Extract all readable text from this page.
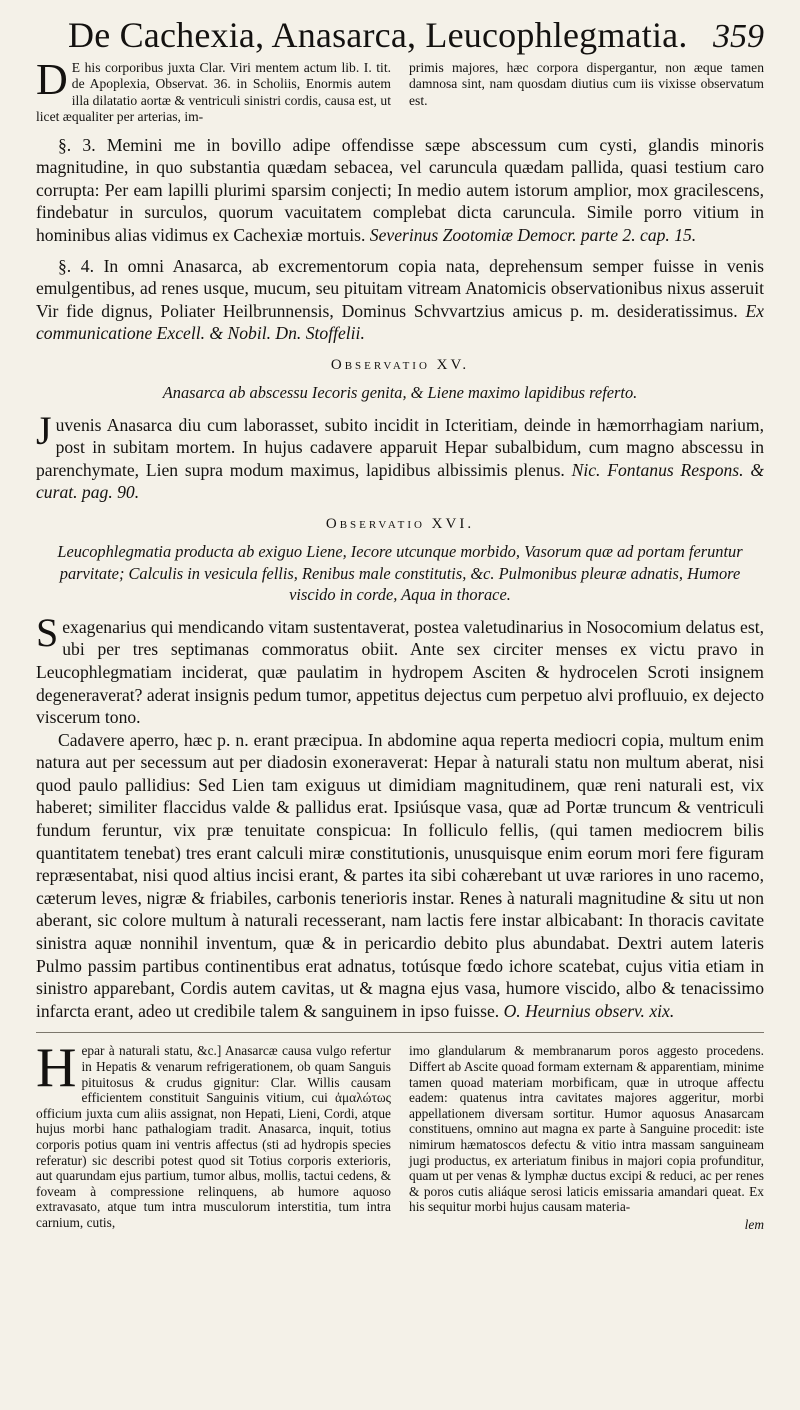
De Cachexia, Anasarca, Leucophlegmatia. 359
D E his corporibus juxta Clar. Viri mentem actum lib. I. tit. de Apoplexia, Observat. 36. in Scholiis, Enormis autem illa dilatatio aortæ & ventriculi sinistri cordis, causa est, ut licet æqualiter per arterias, im-
primis majores, hæc corpora dispergantur, non æque tamen damnosa sint, nam quosdam diutius cum iis vixisse observatum est.

§. 3. Memini me in bovillo adipe offendisse sæpe abscessum cum cysti, glandis minoris magnitudine, in quo substantia quædam sebacea, vel caruncula quædam pallida, quasi testium caro corrupta: Per eam lapilli plurimi sparsim conjecti; In medio autem istorum amplior, mox gracilescens, findebatur in surculos, quorum vacuitatem complebat dicta caruncula. Simile porro vitium in hominibus alias vidimus ex Cachexiæ mortuis. Severinus Zootomiæ Democr. parte 2. cap. 15.

§. 4. In omni Anasarca, ab excrementorum copia nata, deprehensum semper fuisse in venis emulgentibus, ad renes usque, mucum, seu pituitam vitream Anatomicis observationibus nixus asseruit Vir fide dignus, Poliater Heilbrunnensis, Dominus Schvvartzius amicus p. m. desideratissimus. Ex communicatione Excell. & Nobil. Dn. Stoffelii.

Observatio XV.
Anasarca ab abscessu Iecoris genita, & Liene maximo lapidibus referto.

J uvenis Anasarca diu cum laborasset, subito incidit in Icteritiam, deinde in hæmorrhagiam narium, post in subitam mortem. In hujus cadavere apparuit Hepar subalbidum, cum magno abscessu in parenchymate, Lien supra modum maximus, lapidibus albissimis plenus. Nic. Fontanus Respons. & curat. pag. 90.

Observatio XVI.
Leucophlegmatia producta ab exiguo Liene, Iecore utcunque morbido, Vasorum quæ ad portam feruntur parvitate; Calculis in vesicula fellis, Renibus male constitutis, &c. Pulmonibus pleuræ adnatis, Humore viscido in corde, Aqua in thorace.

S exagenarius qui mendicando vitam sustentaverat, postea valetudinarius in Nosocomium delatus est, ubi per tres septimanas commoratus obiit. Ante sex circiter menses ex victu pravo in Leucophlegmatiam inciderat, quæ paulatim in hydropem Asciten & hydrocelen Scroti insignem degeneraverat? aderat insignis pedum tumor, appetitus dejectus cum perpetuo alvi profluuio, ex dejecto viscerum tono.

Cadavere aperro, hæc p. n. erant præcipua. In abdomine aqua reperta mediocri copia, multum enim natura aut per secessum aut per diadosin exoneraverat: Hepar à naturali statu non multum aberat, nisi quod paulo pallidius: Sed Lien tam exiguus ut dimidiam magnitudinem, quæ reni naturali est, vix haberet; similiter flaccidus valde & pallidus erat. Ipsiúsque vasa, quæ ad Portæ truncum & ventriculi fundum feruntur, vix præ tenuitate conspicua: In folliculo fellis, (qui tamen mediocrem bilis quantitatem tenebat) tres erant calculi miræ constitutionis, unusquisque enim eorum mori fere figuram repræsentabat, nisi quod altius incisi erant, & partes ita sibi cohærebant ut uvæ rariores in uno racemo, cæterum leves, nigræ & friabiles, carbonis tenerioris instar. Renes à naturali magnitudine & situ ut non aberant, sic colore multum à naturali recesserant, nam lactis fere instar albicabant: In thoracis cavitate sinistra aquæ nonnihil inventum, quæ & in pericardio debito plus abundabat. Dextri autem lateris Pulmo passim partibus continentibus erat adnatus, totúsque fœdo ichore scatebat, cujus vitia etiam in sinistro apparebant, Cordis autem cavitas, ut & magna ejus vasa, humore viscido, albo & tenacissimo infarcta erant, adeo ut credibile talem & sanguinem in ipso fuisse. O. Heurnius observ. xix.

H epar à naturali statu, &c.] Anasarcæ causa vulgo refertur in Hepatis & venarum refrigerationem, ob quam Sanguis pituitosus & crudus gignitur: Clar. Willis causam efficientem constituit Sanguinis vitium, cui ἀμαλώτως officium juxta cum aliis assignat, non Hepati, Lieni, Cordi, atque hujus morbi hanc pathalogiam tradit. Anasarca, inquit, totius corporis potius quam ini ventris affectus (sti ad hydropis species referatur) sic describi potest quod sit Totius corporis exterioris, aut quarundam ejus partium, tumor albus, mollis, tactui cedens, & foveam à compressione relinquens, ab humore aquoso extravasato, atque tum intra musculorum interstitia, tum intra carnium, cutis,
imo glandularum & membranarum poros aggesto procedens. Differt ab Ascite quoad formam externam & apparentiam, minime tamen quoad materiam morbificam, quæ in utroque affectu eadem: quatenus intra cavitates majores aggeritur, morbi appellationem diversam sortitur. Humor aquosus Anasarcam constituens, omnino aut magna ex parte à Sanguine procedit: iste nimirum hæmatoscos defectu & vitio intra massam sanguineam jugi productus, ex arteriatum finibus in majori copia profunditur, quam ut per venas & lymphæ ductus excipi & reduci, ac per renes & poros cutis aliáque serosi laticis emissaria amandari queat. Ex his sequitur morbi hujus causam materia-
lem
